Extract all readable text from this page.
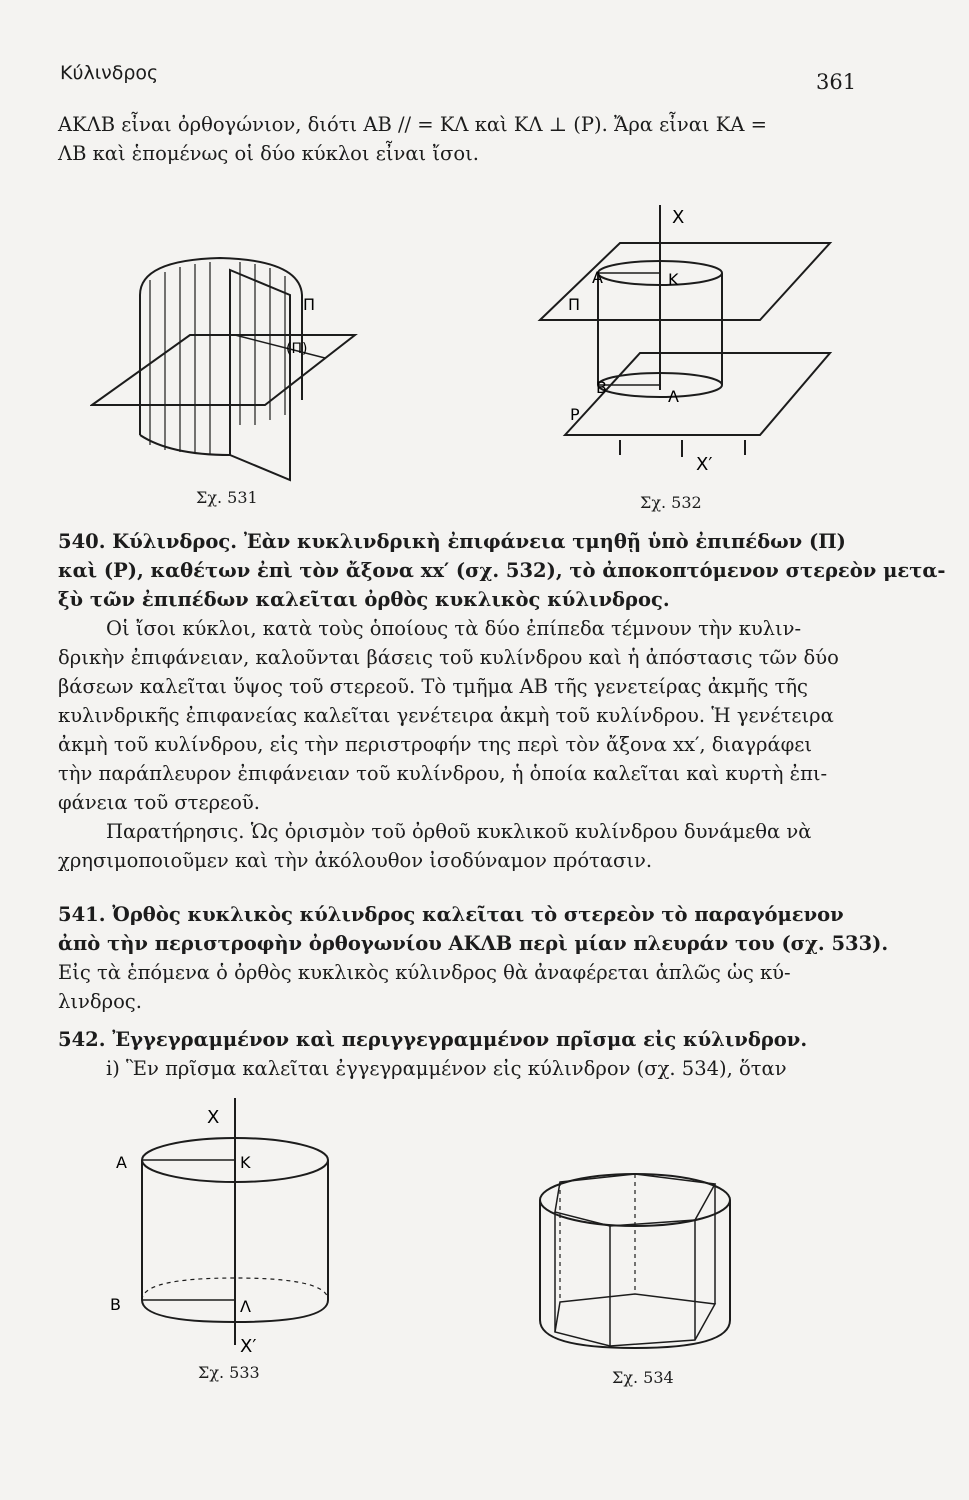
Κύλινδρος	361
ΑΚΛΒ εἶναι ὀρθογώνιον, διότι ΑΒ // = ΚΛ καὶ ΚΛ ⊥ (Ρ). Ἄρα εἶναι ΚΑ =
ΛΒ καὶ ἑπομένως οἱ δύο κύκλοι εἶναι ἴσοι.
Π
(Π)
Σχ. 531
X
Α	Κ
Π
Β	Λ
Ρ
X′
Σχ. 532
540. Κύλινδρος. Ἐὰν κυκλινδρικὴ ἐπιφάνεια τμηθῇ ὑπὸ ἐπιπέδων (Π)
καὶ (Ρ), καθέτων ἐπὶ τὸν ἄξονα xx′ (σχ. 532), τὸ ἀποκοπτόμενον στερεὸν μετα-
ξὺ τῶν ἐπιπέδων καλεῖται ὀρθὸς κυκλικὸς κύλινδρος.
Οἱ ἴσοι κύκλοι, κατὰ τοὺς ὁποίους τὰ δύο ἐπίπεδα τέμνουν τὴν κυλιν-
δρικὴν ἐπιφάνειαν, καλοῦνται βάσεις τοῦ κυλίνδρου καὶ ἡ ἀπόστασις τῶν δύο
βάσεων καλεῖται ὕψος τοῦ στερεοῦ. Τὸ τμῆμα ΑΒ τῆς γενετείρας ἀκμῆς τῆς
κυλινδρικῆς ἐπιφανείας καλεῖται γενέτειρα ἀκμὴ τοῦ κυλίνδρου. Ἡ γενέτειρα
ἀκμὴ τοῦ κυλίνδρου, εἰς τὴν περιστροφήν της περὶ τὸν ἄξονα xx′, διαγράφει
τὴν παράπλευρον ἐπιφάνειαν τοῦ κυλίνδρου, ἡ ὁποία καλεῖται καὶ κυρτὴ ἐπι-
φάνεια τοῦ στερεοῦ.
Παρατήρησις. Ὡς ὁρισμὸν τοῦ ὀρθοῦ κυκλικοῦ κυλίνδρου δυνάμεθα νὰ
χρησιμοποιοῦμεν καὶ τὴν ἀκόλουθον ἰσοδύναμον πρότασιν.
541. Ὀρθὸς κυκλικὸς κύλινδρος καλεῖται τὸ στερεὸν τὸ παραγόμενον
ἀπὸ τὴν περιστροφὴν ὀρθογωνίου ΑΚΛΒ περὶ μίαν πλευράν του (σχ. 533).
Εἰς τὰ ἑπόμενα ὁ ὀρθὸς κυκλικὸς κύλινδρος θὰ ἀναφέρεται ἁπλῶς ὡς κύ-
λινδρος.
542. Ἐγγεγραμμένον καὶ περιγγεγραμμένον πρῖσμα εἰς κύλινδρον.
i) Ἓν πρῖσμα καλεῖται ἐγγεγραμμένον εἰς κύλινδρον (σχ. 534), ὅταν
X
Α	Κ
Β	Λ
X′
Σχ. 533	Σχ. 534
